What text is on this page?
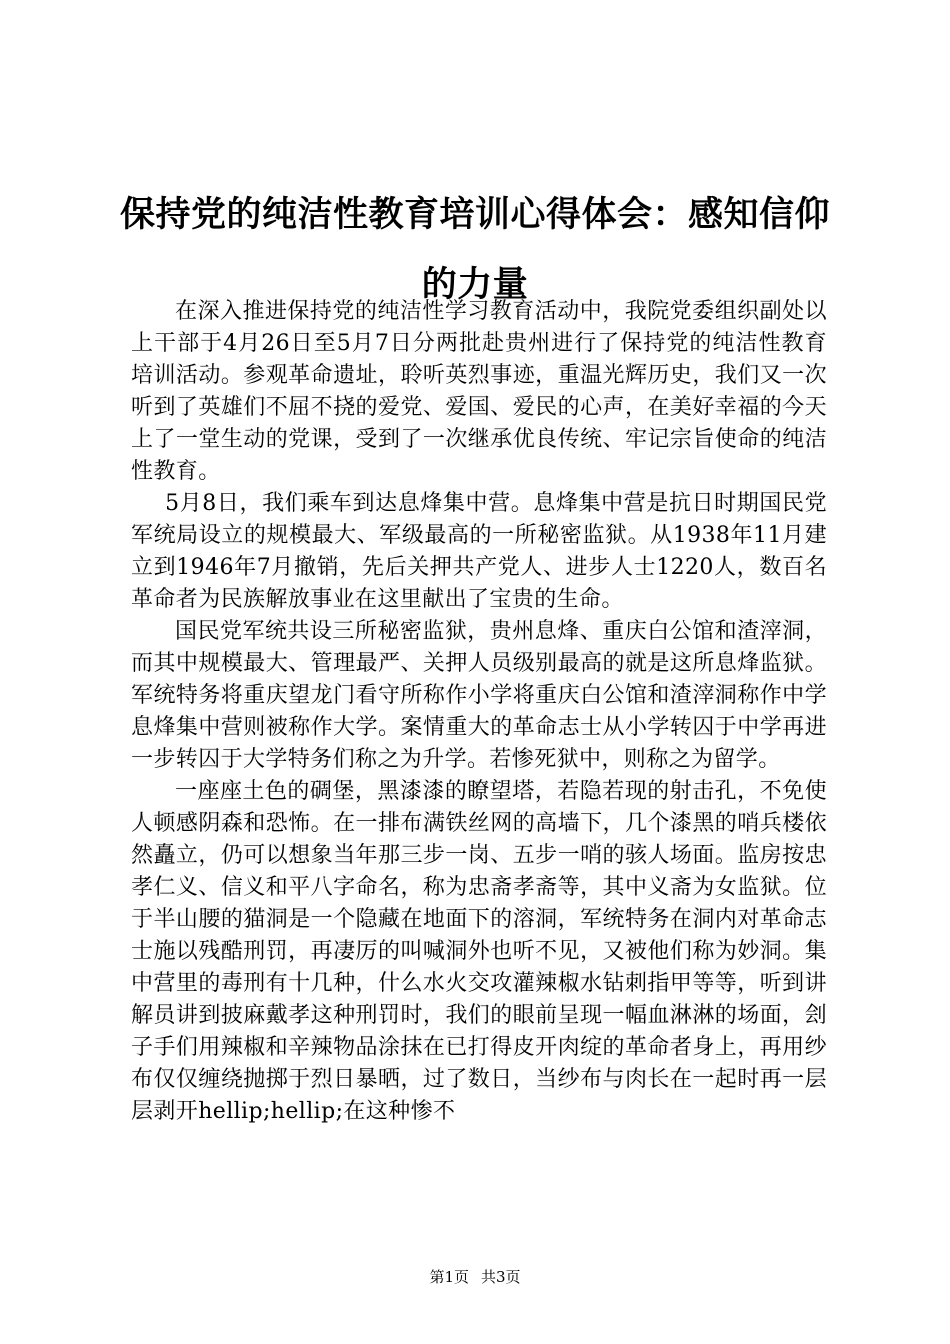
保持党的纯洁性教育培训心得体会：感知信仰的力量

在深入推进保持党的纯洁性学习教育活动中，我院党委组织副处以上干部于4月26日至5月7日分两批赴贵州进行了保持党的纯洁性教育培训活动。参观革命遗址，聆听英烈事迹，重温光辉历史，我们又一次听到了英雄们不屈不挠的爱党、爱国、爱民的心声，在美好幸福的今天上了一堂生动的党课，受到了一次继承优良传统、牢记宗旨使命的纯洁性教育。

5月8日，我们乘车到达息烽集中营。息烽集中营是抗日时期国民党军统局设立的规模最大、军级最高的一所秘密监狱。从1938年11月建立到1946年7月撤销，先后关押共产党人、进步人士1220人，数百名革命者为民族解放事业在这里献出了宝贵的生命。

国民党军统共设三所秘密监狱，贵州息烽、重庆白公馆和渣滓洞，而其中规模最大、管理最严、关押人员级别最高的就是这所息烽监狱。军统特务将重庆望龙门看守所称作小学将重庆白公馆和渣滓洞称作中学息烽集中营则被称作大学。案情重大的革命志士从小学转囚于中学再进一步转囚于大学特务们称之为升学。若惨死狱中，则称之为留学。

一座座土色的碉堡，黑漆漆的瞭望塔，若隐若现的射击孔，不免使人顿感阴森和恐怖。在一排布满铁丝网的高墙下，几个漆黑的哨兵楼依然矗立，仍可以想象当年那三步一岗、五步一哨的骇人场面。监房按忠孝仁义、信义和平八字命名，称为忠斋孝斋等，其中义斋为女监狱。位于半山腰的猫洞是一个隐藏在地面下的溶洞，军统特务在洞内对革命志士施以残酷刑罚，再凄厉的叫喊洞外也听不见，又被他们称为妙洞。集中营里的毒刑有十几种，什么水火交攻灌辣椒水钻刺指甲等等，听到讲解员讲到披麻戴孝这种刑罚时，我们的眼前呈现一幅血淋淋的场面，刽子手们用辣椒和辛辣物品涂抹在已打得皮开肉绽的革命者身上，再用纱布仅仅缠绕抛掷于烈日暴晒，过了数日，当纱布与肉长在一起时再一层层剥开hellip;hellip;在这种惨不

第1页 共3页
